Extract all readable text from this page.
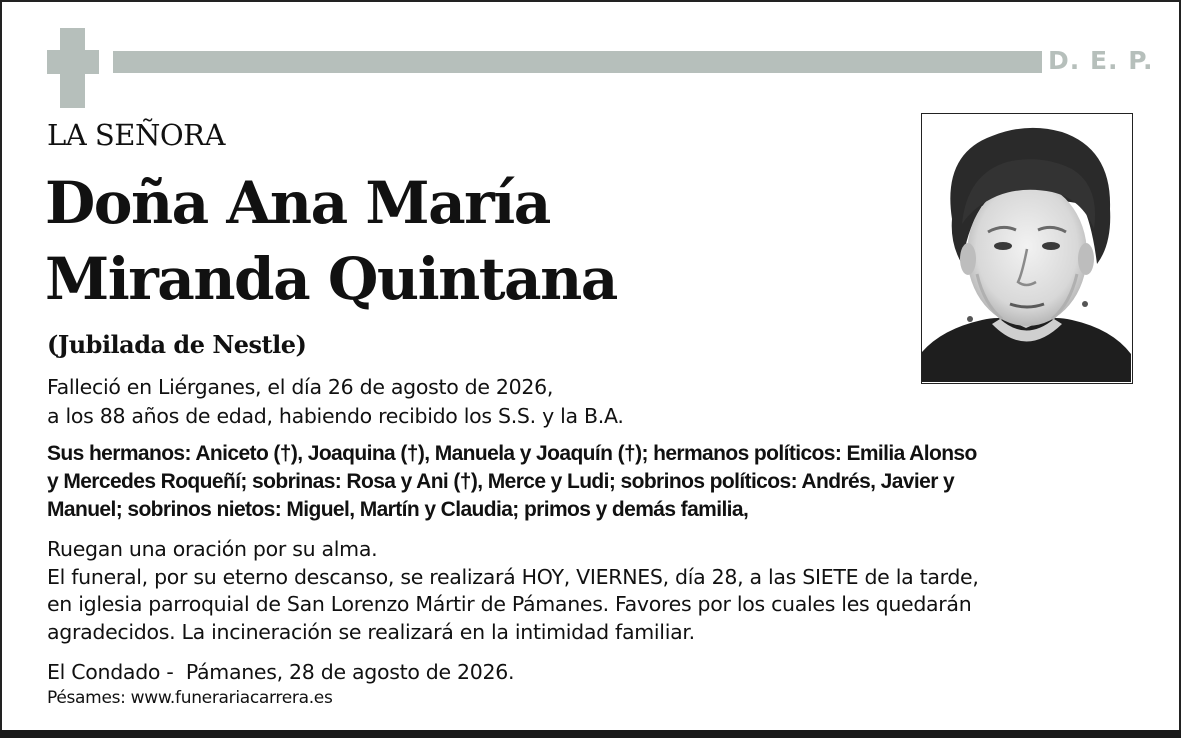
D. E. P.
LA SEÑORA
Doña Ana María
Miranda Quintana
(Jubilada de Nestle)
Falleció en Liérganes, el día 26 de agosto de 2026,
a los 88 años de edad, habiendo recibido los S.S. y la B.A.
Sus hermanos: Aniceto (†), Joaquina (†), Manuela y Joaquín (†); hermanos políticos: Emilia Alonso
y Mercedes Roqueñí; sobrinas: Rosa y Ani (†), Merce y Ludi; sobrinos políticos: Andrés, Javier y
Manuel; sobrinos nietos: Miguel, Martín y Claudia; primos y demás familia,
Ruegan una oración por su alma.
El funeral, por su eterno descanso, se realizará HOY, VIERNES, día 28, a las SIETE de la tarde,
en iglesia parroquial de San Lorenzo Mártir de Pámanes. Favores por los cuales les quedarán
agradecidos. La incineración se realizará en la intimidad familiar.
El Condado -  Pámanes, 28 de agosto de 2026.
Pésames: www.funerariacarrera.es
